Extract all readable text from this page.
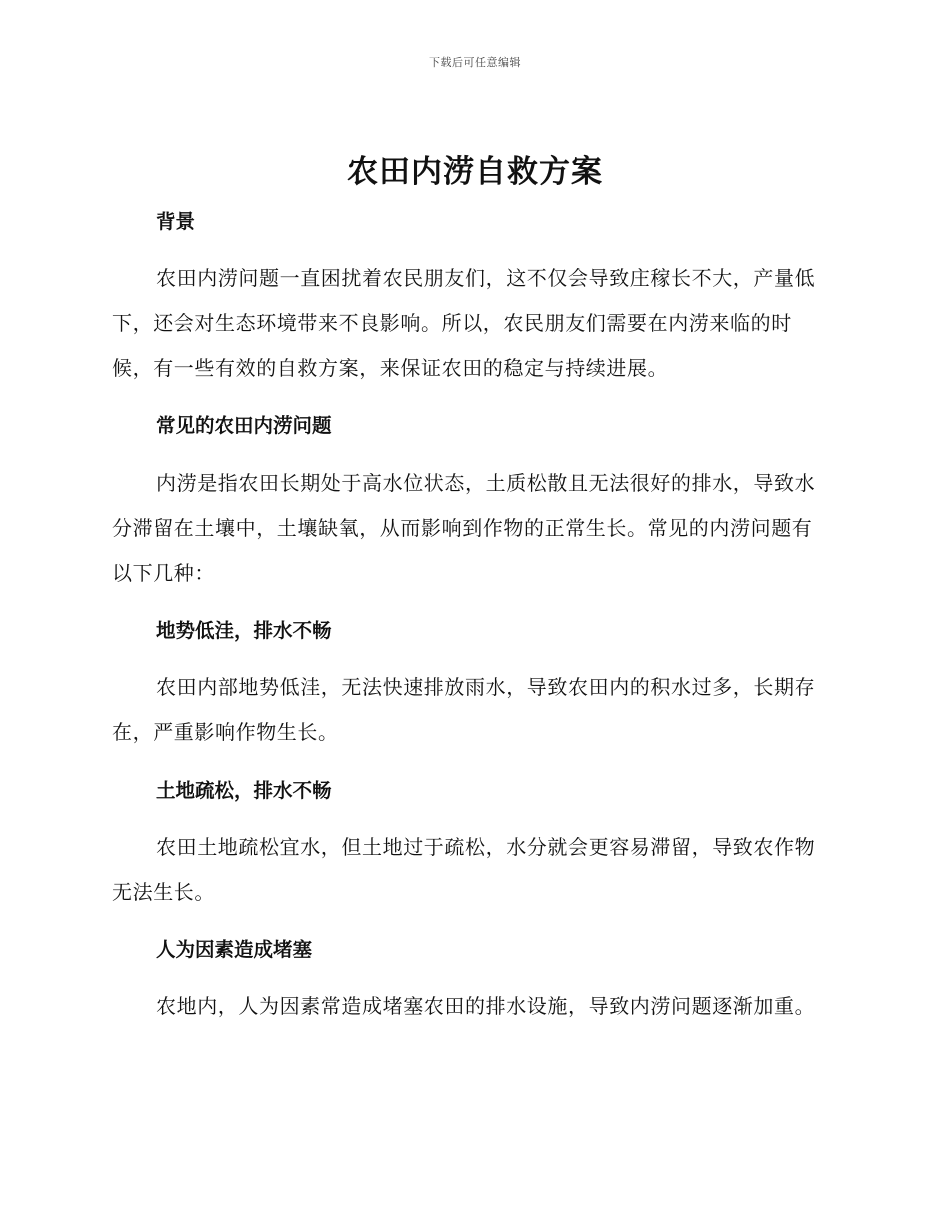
下载后可任意编辑
农田内涝自救方案
背景

农田内涝问题一直困扰着农民朋友们，这不仅会导致庄稼长不大，产量低下，还会对生态环境带来不良影响。所以，农民朋友们需要在内涝来临的时候，有一些有效的自救方案，来保证农田的稳定与持续进展。

常见的农田内涝问题

内涝是指农田长期处于高水位状态，土质松散且无法很好的排水，导致水分滞留在土壤中，土壤缺氧，从而影响到作物的正常生长。常见的内涝问题有以下几种：

地势低洼，排水不畅

农田内部地势低洼，无法快速排放雨水，导致农田内的积水过多，长期存在，严重影响作物生长。

土地疏松，排水不畅

农田土地疏松宜水，但土地过于疏松，水分就会更容易滞留，导致农作物无法生长。

人为因素造成堵塞

农地内，人为因素常造成堵塞农田的排水设施，导致内涝问题逐渐加重。
